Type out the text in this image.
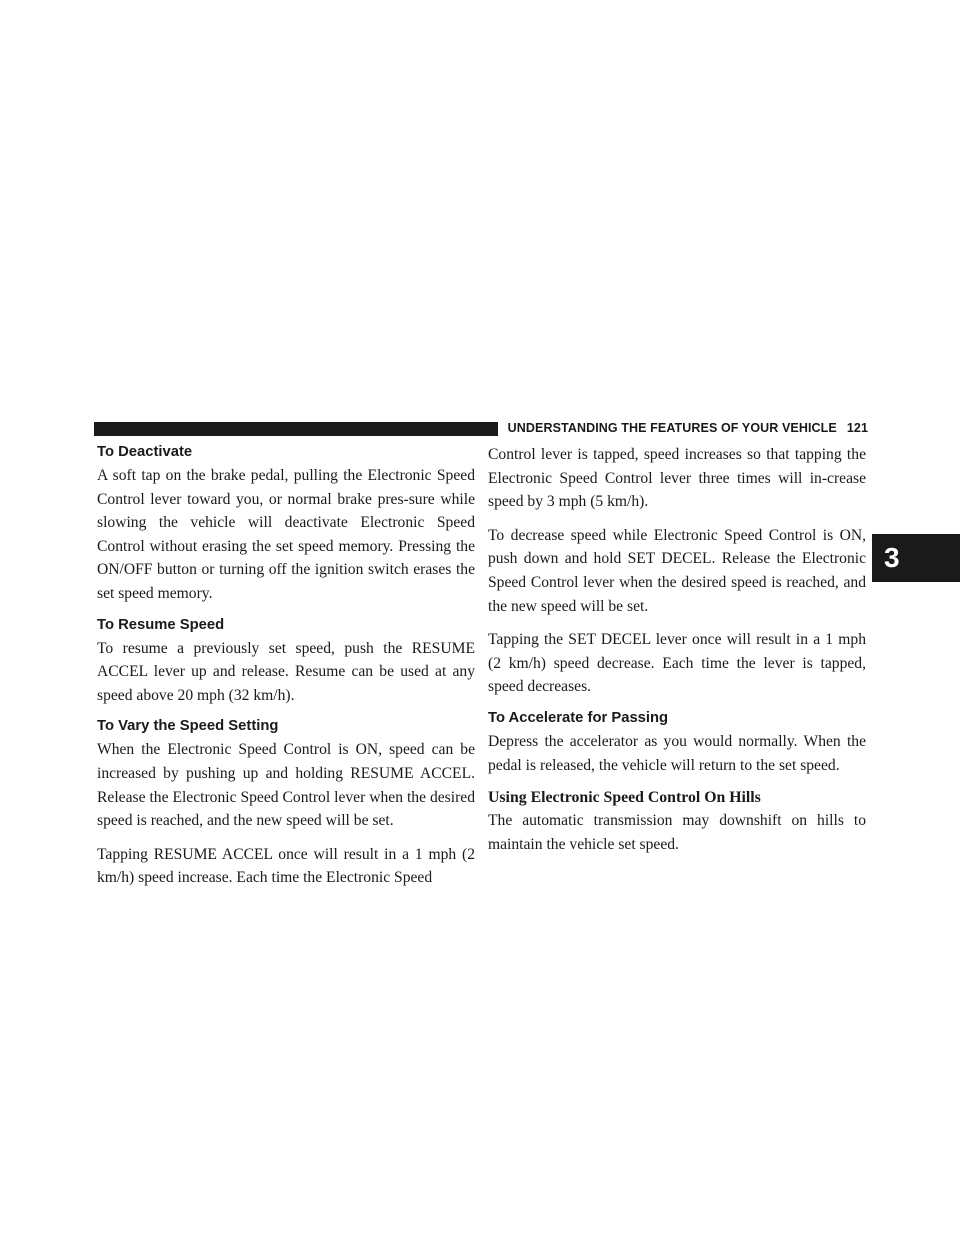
UNDERSTANDING THE FEATURES OF YOUR VEHICLE 121
3
To Deactivate

A soft tap on the brake pedal, pulling the Electronic Speed Control lever toward you, or normal brake pres-sure while slowing the vehicle will deactivate Electronic Speed Control without erasing the set speed memory. Pressing the ON/OFF button or turning off the ignition switch erases the set speed memory.

To Resume Speed

To resume a previously set speed, push the RESUME ACCEL lever up and release. Resume can be used at any speed above 20 mph (32 km/h).

To Vary the Speed Setting

When the Electronic Speed Control is ON, speed can be increased by pushing up and holding RESUME ACCEL. Release the Electronic Speed Control lever when the desired speed is reached, and the new speed will be set.

Tapping RESUME ACCEL once will result in a 1 mph (2 km/h) speed increase. Each time the Electronic Speed

Control lever is tapped, speed increases so that tapping the Electronic Speed Control lever three times will in-crease speed by 3 mph (5 km/h).

To decrease speed while Electronic Speed Control is ON, push down and hold SET DECEL. Release the Electronic Speed Control lever when the desired speed is reached, and the new speed will be set.

Tapping the SET DECEL lever once will result in a 1 mph (2 km/h) speed decrease. Each time the lever is tapped, speed decreases.

To Accelerate for Passing

Depress the accelerator as you would normally. When the pedal is released, the vehicle will return to the set speed.

Using Electronic Speed Control On Hills

The automatic transmission may downshift on hills to maintain the vehicle set speed.
